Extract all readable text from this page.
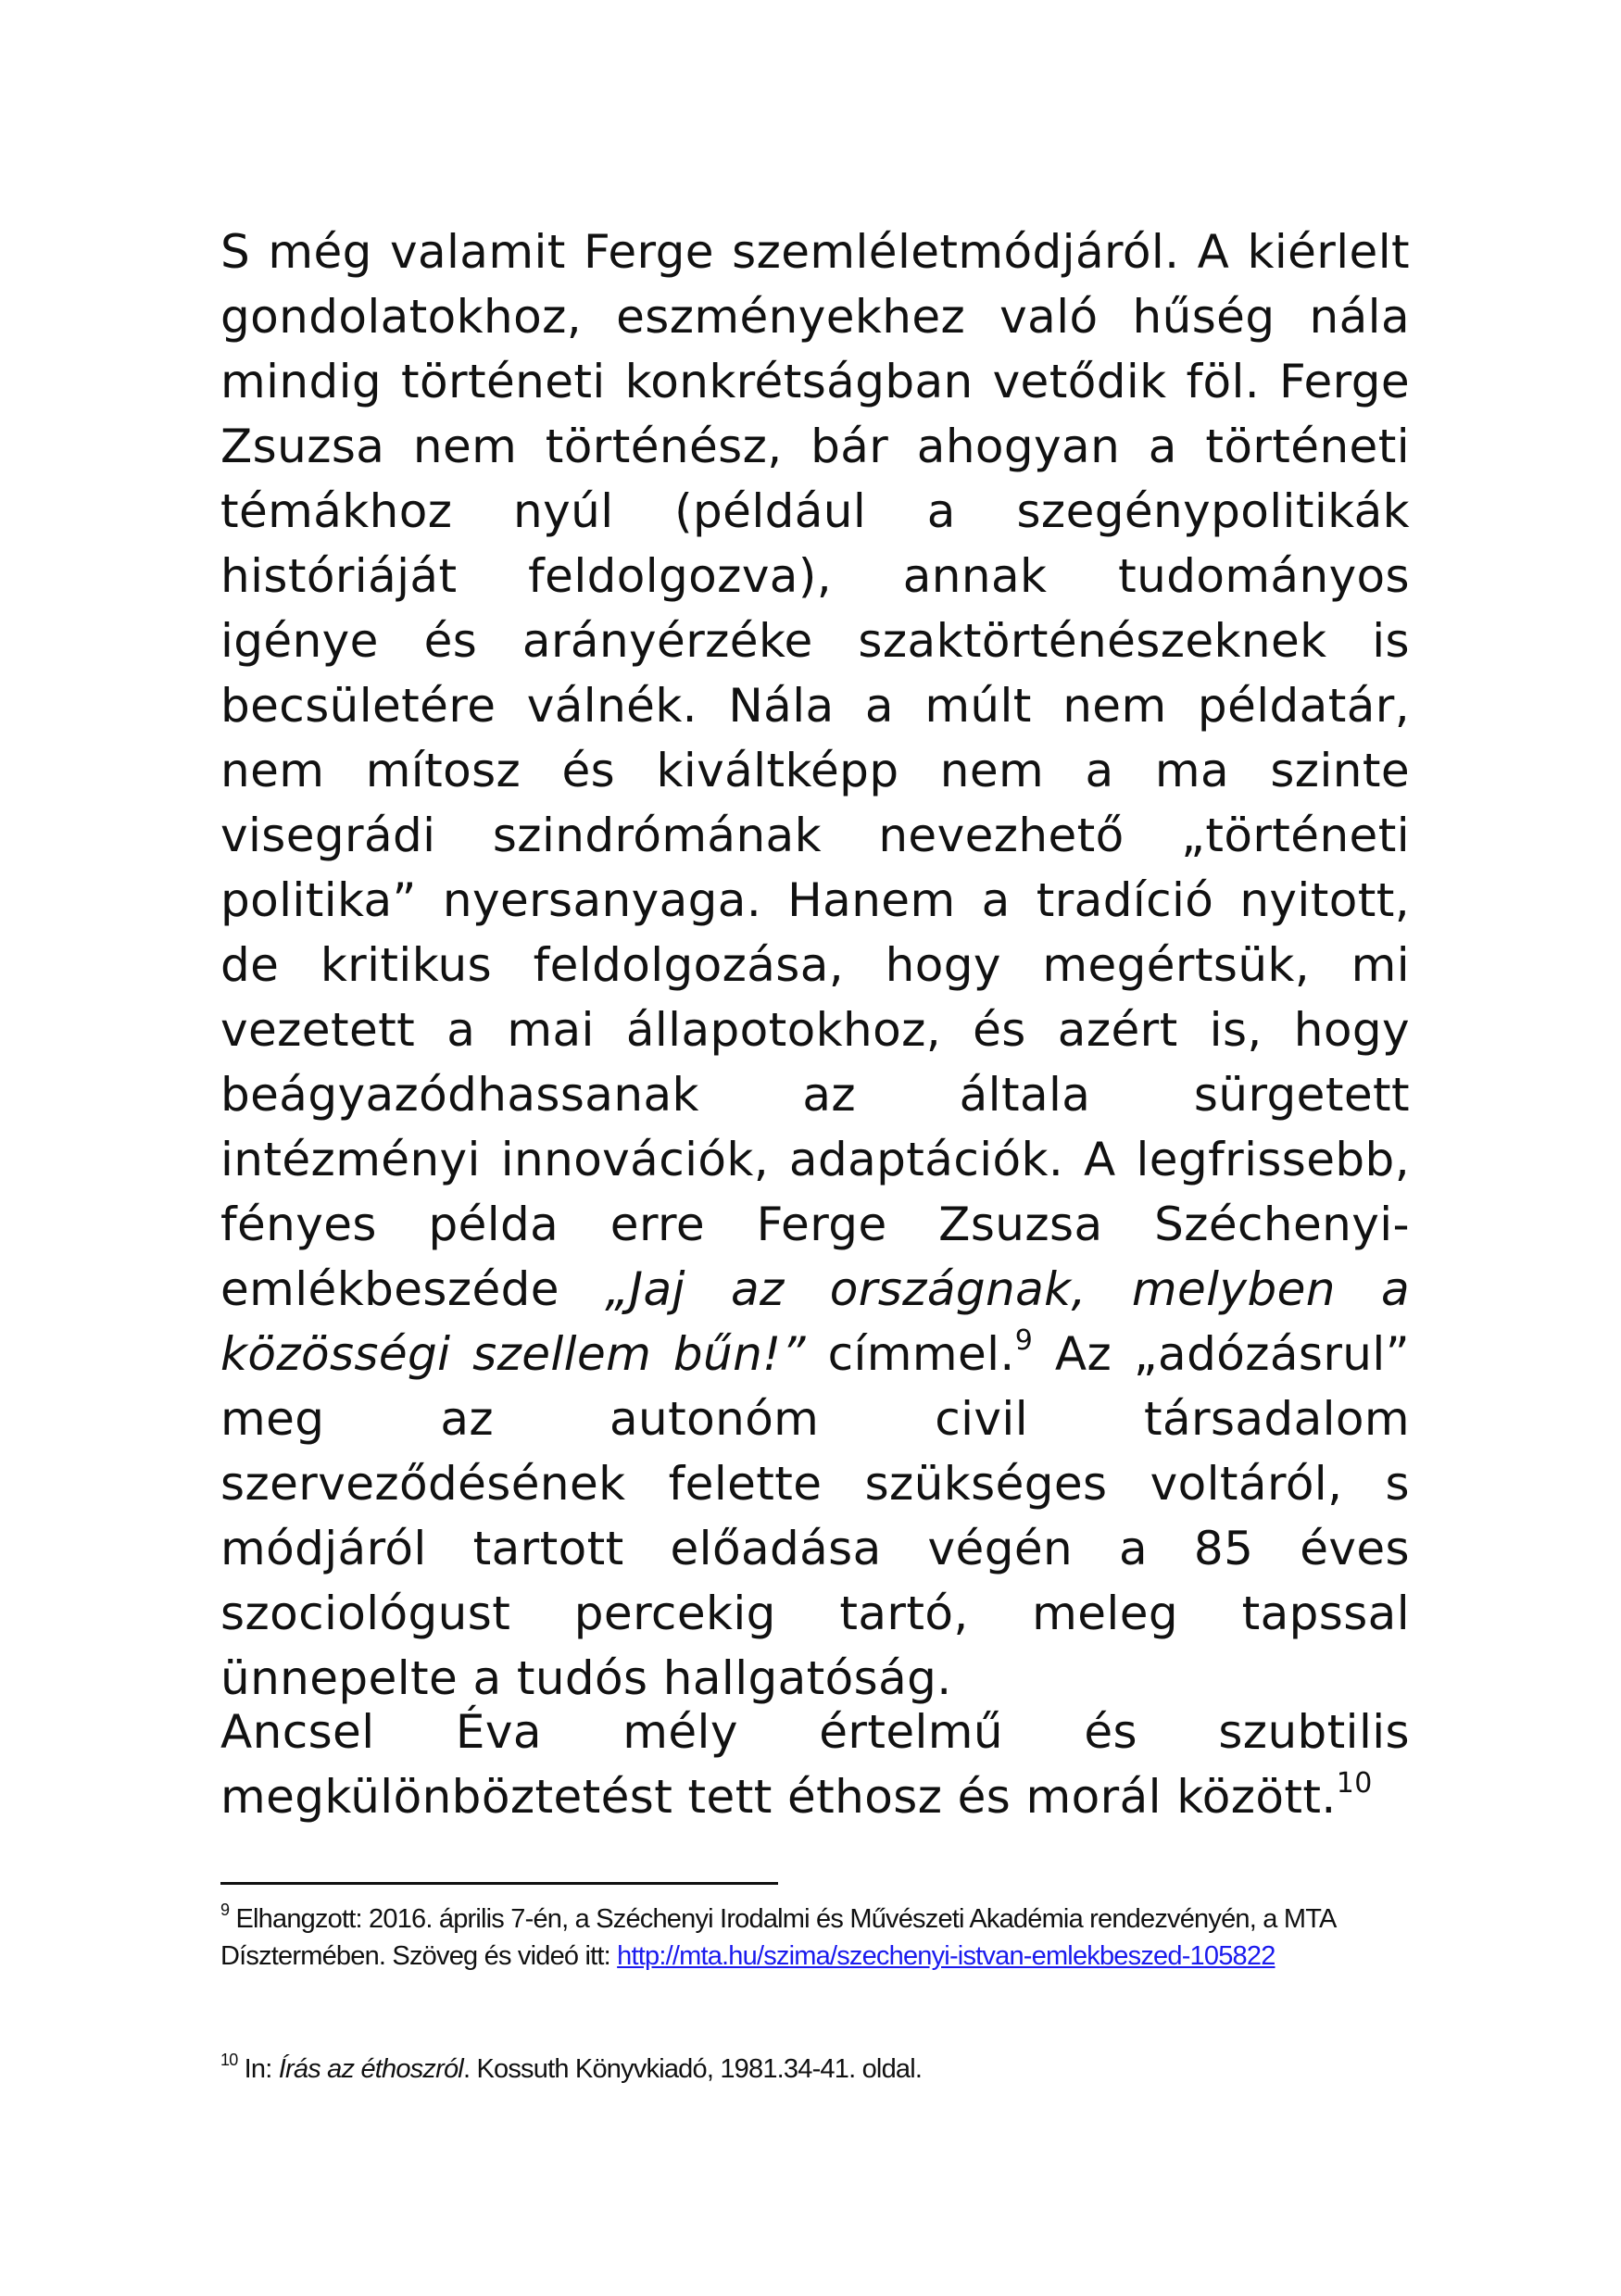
S még valamit Ferge szemléletmódjáról. A kiérlelt gondolatokhoz, eszményekhez való hűség nála mindig történeti konkrétságban vetődik föl. Ferge Zsuzsa nem történész, bár ahogyan a történeti témákhoz nyúl (például a szegénypolitikák históriáját feldolgozva), annak tudományos igénye és arányérzéke szaktörténészeknek is becsületére válnék. Nála a múlt nem példatár, nem mítosz és kiváltképp nem a ma szinte visegrádi szindrómának nevezhető „történeti politika” nyersanyaga. Hanem a tradíció nyitott, de kritikus feldolgozása, hogy megértsük, mi vezetett a mai állapotokhoz, és azért is, hogy beágyazódhassanak az általa sürgetett intézményi innovációk, adaptációk. A legfrissebb, fényes példa erre Ferge Zsuzsa Széchenyi-emlékbeszéde „Jaj az országnak, melyben a közösségi szellem bűn!” címmel.$^9$ Az „adózásrul” meg az autonóm civil társadalom szerveződésének felette szükséges voltáról, s módjáról tartott előadása végén a 85 éves szociológust percekig tartó, meleg tapssal ünnepelte a tudós hallgatóság.

Ancsel Éva mély értelmű és szubtilis megkülönböztetést tett éthosz és morál között.$^{10}$

$^9$ Elhangzott: 2016. április 7-én, a Széchenyi Irodalmi és Művészeti Akadémia rendezvényén, a MTA Dísztermében. Szöveg és videó itt: http://mta.hu/szima/szechenyi-istvan-emlekbeszed-105822

$^{10}$ In: Írás az éthoszról. Kossuth Könyvkiadó, 1981.34-41. oldal.
